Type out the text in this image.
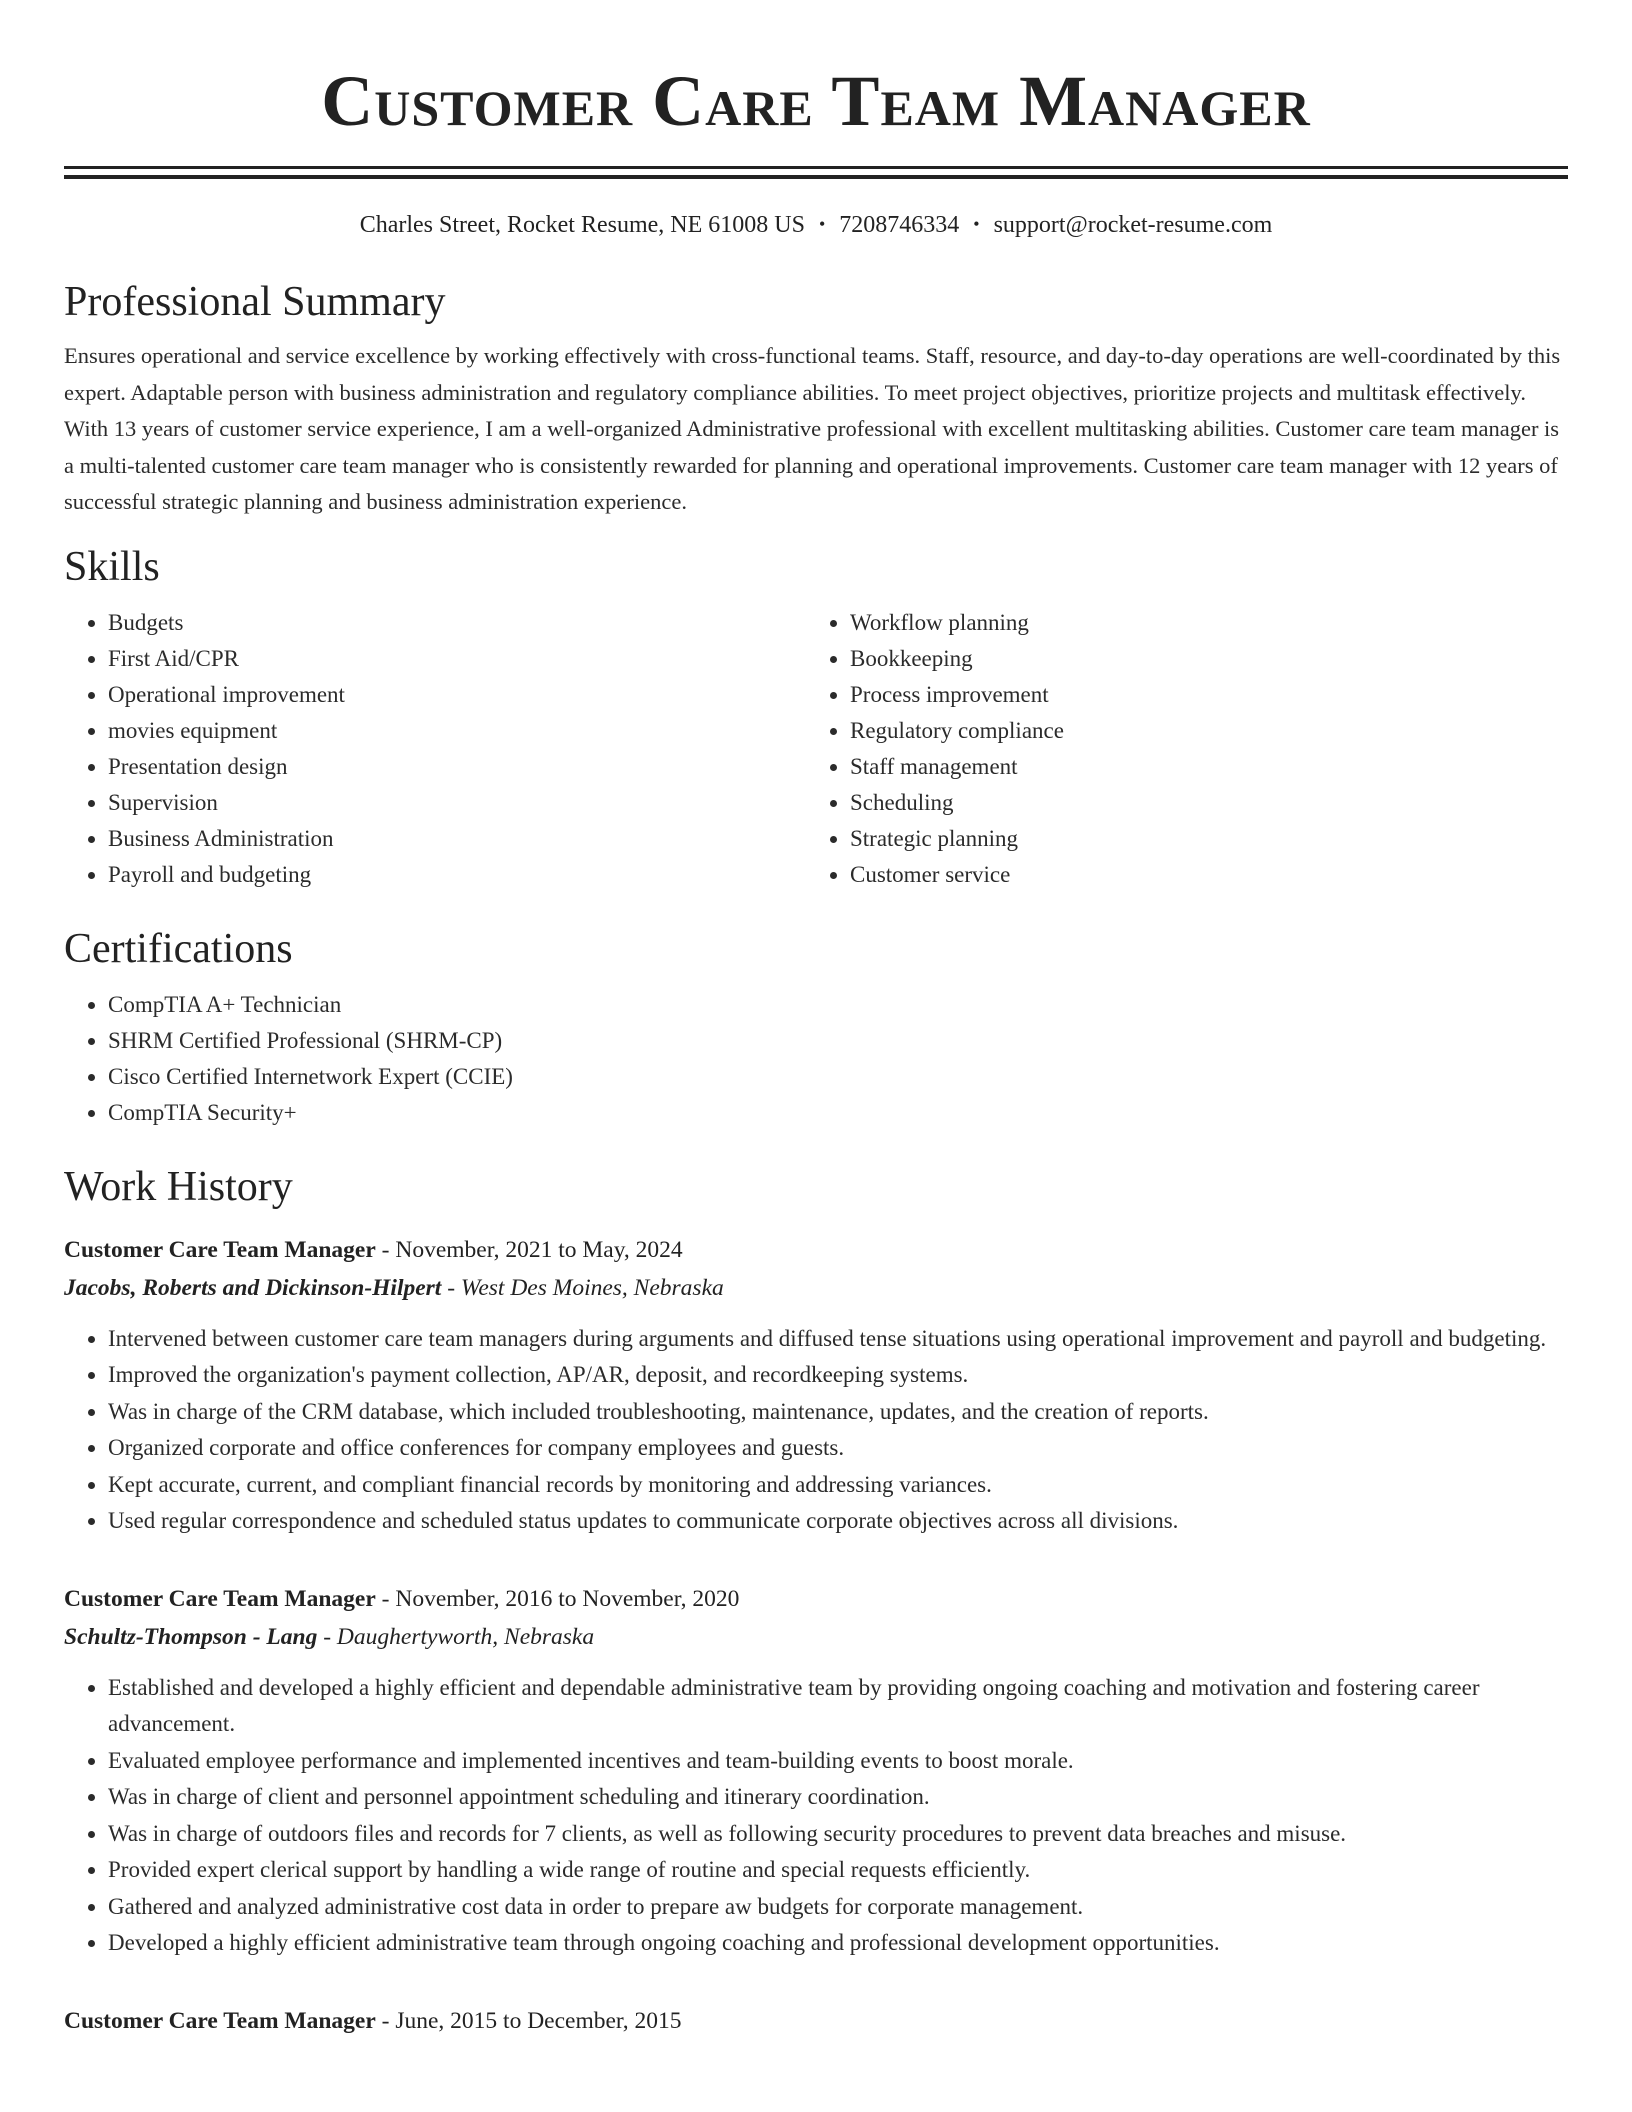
Customer Care Team Manager
Charles Street, Rocket Resume, NE 61008 US • 7208746334 • support@rocket-resume.com
Professional Summary
Ensures operational and service excellence by working effectively with cross-functional teams. Staff, resource, and day-to-day operations are well-coordinated by this expert. Adaptable person with business administration and regulatory compliance abilities. To meet project objectives, prioritize projects and multitask effectively. With 13 years of customer service experience, I am a well-organized Administrative professional with excellent multitasking abilities. Customer care team manager is a multi-talented customer care team manager who is consistently rewarded for planning and operational improvements. Customer care team manager with 12 years of successful strategic planning and business administration experience.
Skills
• Budgets
• First Aid/CPR
• Operational improvement
• movies equipment
• Presentation design
• Supervision
• Business Administration
• Payroll and budgeting
• Workflow planning
• Bookkeeping
• Process improvement
• Regulatory compliance
• Staff management
• Scheduling
• Strategic planning
• Customer service
Certifications
• CompTIA A+ Technician
• SHRM Certified Professional (SHRM-CP)
• Cisco Certified Internetwork Expert (CCIE)
• CompTIA Security+
Work History
Customer Care Team Manager - November, 2021 to May, 2024
Jacobs, Roberts and Dickinson-Hilpert - West Des Moines, Nebraska
• Intervened between customer care team managers during arguments and diffused tense situations using operational improvement and payroll and budgeting.
• Improved the organization's payment collection, AP/AR, deposit, and recordkeeping systems.
• Was in charge of the CRM database, which included troubleshooting, maintenance, updates, and the creation of reports.
• Organized corporate and office conferences for company employees and guests.
• Kept accurate, current, and compliant financial records by monitoring and addressing variances.
• Used regular correspondence and scheduled status updates to communicate corporate objectives across all divisions.
Customer Care Team Manager - November, 2016 to November, 2020
Schultz-Thompson - Lang - Daughertyworth, Nebraska
• Established and developed a highly efficient and dependable administrative team by providing ongoing coaching and motivation and fostering career advancement.
• Evaluated employee performance and implemented incentives and team-building events to boost morale.
• Was in charge of client and personnel appointment scheduling and itinerary coordination.
• Was in charge of outdoors files and records for 7 clients, as well as following security procedures to prevent data breaches and misuse.
• Provided expert clerical support by handling a wide range of routine and special requests efficiently.
• Gathered and analyzed administrative cost data in order to prepare aw budgets for corporate management.
• Developed a highly efficient administrative team through ongoing coaching and professional development opportunities.
Customer Care Team Manager - June, 2015 to December, 2015
